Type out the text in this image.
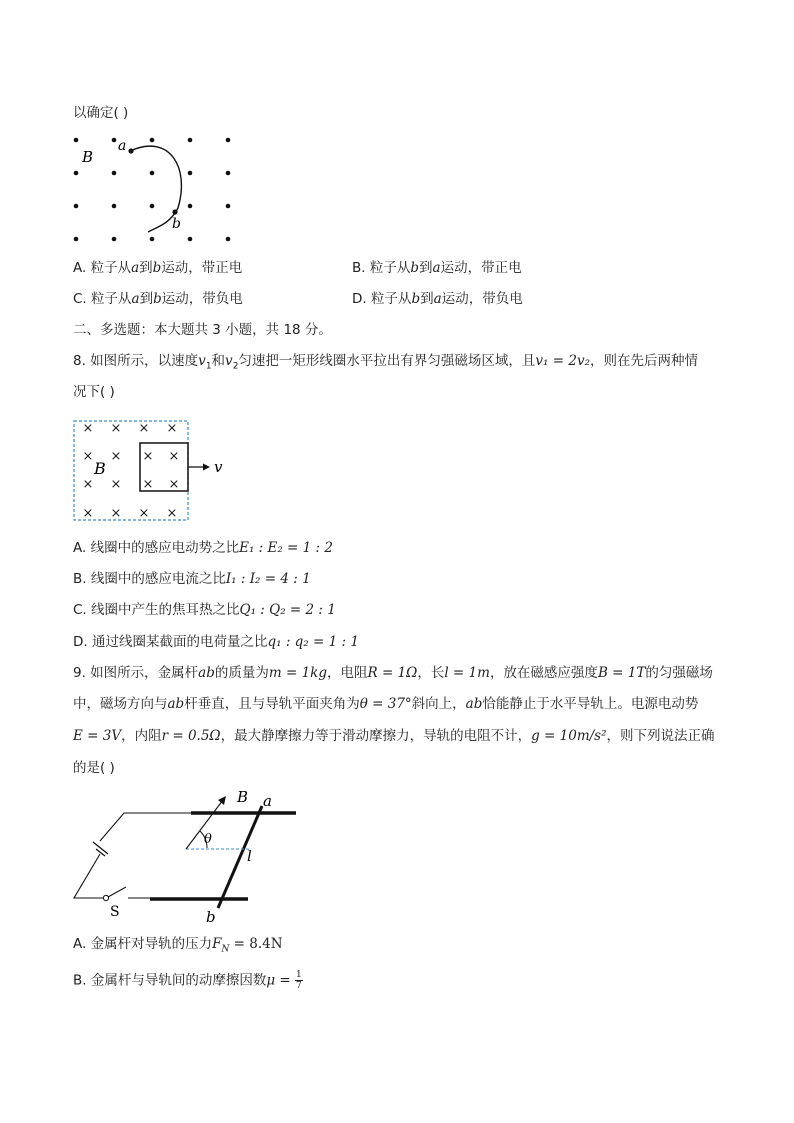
以确定( )
B
a
b
A. 粒子从a到b运动，带正电	B. 粒子从b到a运动，带正电
C. 粒子从a到b运动，带负电	D. 粒子从b到a运动，带负电
二、多选题：本大题共 3 小题，共 18 分。
8. 如图所示，以速度$v_1$和$v_2$匀速把一矩形线圈水平拉出有界匀强磁场区域，且v₁ = 2v₂，则在先后两种情
况下( )
× × × ×
×
×
× ×
× × × ×
× ×
× ×
v
B
A. 线圈中的感应电动势之比E₁ : E₂ = 1 : 2
B. 线圈中的感应电流之比I₁ : I₂ = 4 : 1
C. 线圈中产生的焦耳热之比Q₁ : Q₂ = 2 : 1
D. 通过线圈某截面的电荷量之比q₁ : q₂ = 1 : 1
9. 如图所示，金属杆ab的质量为m = 1kg，电阻R = 1Ω，长l = 1m，放在磁感应强度B = 1T的匀强磁场
中，磁场方向与ab杆垂直，且与导轨平面夹角为θ = 37°斜向上，ab恰能静止于水平导轨上。电源电动势
E = 3V，内阻r = 0.5Ω，最大静摩擦力等于滑动摩擦力，导轨的电阻不计，g = 10m/s²，则下列说法正确
的是( )
S
θ
B a
b
l
A. 金属杆对导轨的压力$F_N = 8.4N$
B. 金属杆与导轨间的动摩擦因数$\mu = \frac{1}{7}$
